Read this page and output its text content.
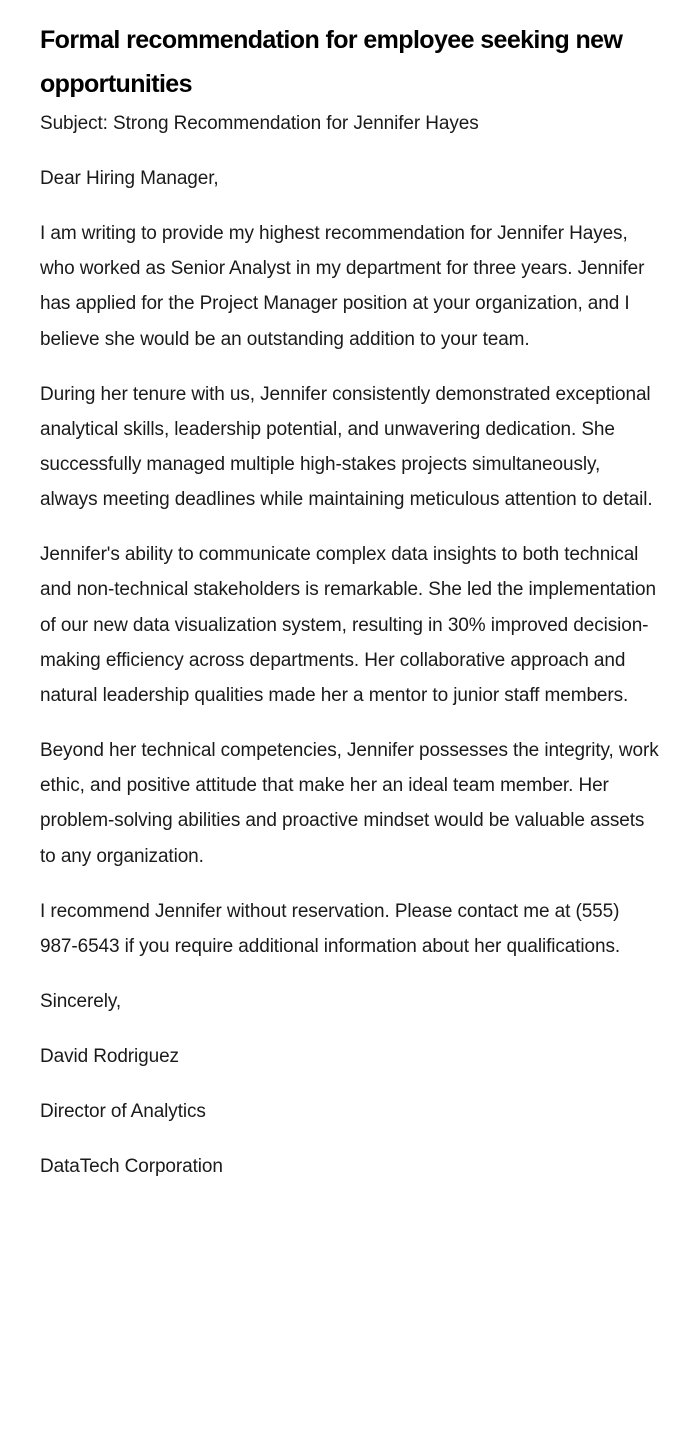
Formal recommendation for employee seeking new opportunities

Subject: Strong Recommendation for Jennifer Hayes

Dear Hiring Manager,

I am writing to provide my highest recommendation for Jennifer Hayes, who worked as Senior Analyst in my department for three years. Jennifer has applied for the Project Manager position at your organization, and I believe she would be an outstanding addition to your team.

During her tenure with us, Jennifer consistently demonstrated exceptional analytical skills, leadership potential, and unwavering dedication. She successfully managed multiple high-stakes projects simultaneously, always meeting deadlines while maintaining meticulous attention to detail.

Jennifer's ability to communicate complex data insights to both technical and non-technical stakeholders is remarkable. She led the implementation of our new data visualization system, resulting in 30% improved decision-making efficiency across departments. Her collaborative approach and natural leadership qualities made her a mentor to junior staff members.

Beyond her technical competencies, Jennifer possesses the integrity, work ethic, and positive attitude that make her an ideal team member. Her problem-solving abilities and proactive mindset would be valuable assets to any organization.

I recommend Jennifer without reservation. Please contact me at (555) 987-6543 if you require additional information about her qualifications.

Sincerely,

David Rodriguez

Director of Analytics

DataTech Corporation
